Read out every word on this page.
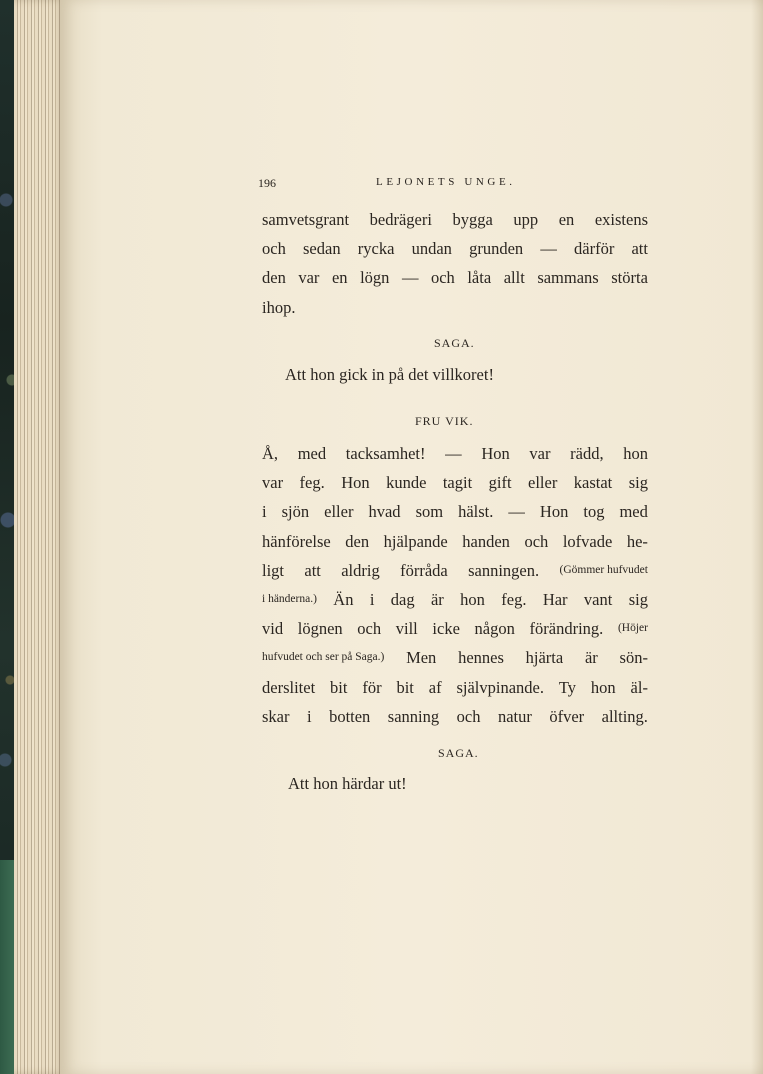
196	LEJONETS UNGE.
samvetsgrant bedrägeri bygga upp en existens
och sedan rycka undan grunden — därför att
den var en lögn — och låta allt sammans störta
ihop.
SAGA.
Att hon gick in på det villkoret!
FRU VIK.
Å, med tacksamhet! — Hon var rädd, hon
var feg. Hon kunde tagit gift eller kastat sig
i sjön eller hvad som hälst. — Hon tog med
hänförelse den hjälpande handen och lofvade he-
ligt att aldrig förråda sanningen. (Gömmer hufvudet
i händerna.) Än i dag är hon feg. Har vant sig
vid lögnen och vill icke någon förändring. (Höjer
hufvudet och ser på Saga.) Men hennes hjärta är sön-
derslitet bit för bit af självpinande. Ty hon äl-
skar i botten sanning och natur öfver allting.
SAGA.
Att hon härdar ut!
